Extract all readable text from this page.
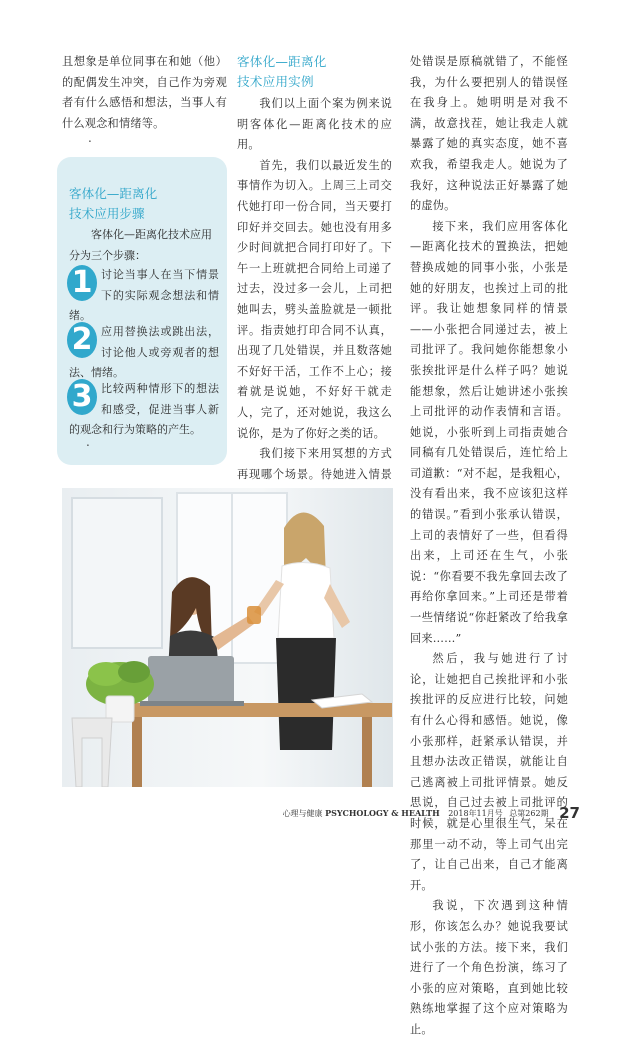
且想象是单位同事在和她（他）的配偶发生冲突，自己作为旁观者有什么感悟和想法，当事人有什么观念和情绪等。

.
客体化—距离化
技术应用步骤
客体化—距离化技术应用分为三个步骤：
1 讨论当事人在当下情景下的实际观念想法和情绪。

2 应用替换法或跳出法，讨论他人或旁观者的想法、情绪。

3 比较两种情形下的想法和感受，促进当事人新的观念和行为策略的产生。

.
客体化—距离化
技术应用实例

我们以上面个案为例来说明客体化—距离化技术的应用。

首先，我们以最近发生的事情作为切入。上周三上司交代她打印一份合同，当天要打印好并交回去。她也没有用多少时间就把合同打印好了。下午一上班就把合同给上司递了过去，没过多一会儿，上司把她叫去，劈头盖脸就是一顿批评。指责她打印合同不认真，出现了几处错误，并且数落她不好好干活，工作不上心；接着就是说她，不好好干就走人，完了，还对她说，我这么说你，是为了你好之类的话。

我们接下来用冥想的方式再现哪个场景。待她进入情景

处错误是原稿就错了，不能怪我，为什么要把别人的错误怪在我身上。她明明是对我不满，故意找茬，她让我走人就暴露了她的真实态度，她不喜欢我，希望我走人。她说为了我好，这种说法正好暴露了她的虚伪。

接下来，我们应用客体化—距离化技术的置换法，把她替换成她的同事小张，小张是她的好朋友，也挨过上司的批评。我让她想象同样的情景——小张把合同递过去，被上司批评了。我问她你能想象小张挨批评是什么样子吗？她说能想象，然后让她讲述小张挨上司批评的动作表情和言语。她说，小张听到上司指责她合同稿有几处错误后，连忙给上司道歉：“对不起，是我粗心，没有看出来，我不应该犯这样的错误。”看到小张承认错误，上司的表情好了一些，但看得出来，上司还在生气，小张说：“你看要不我先拿回去改了再给你拿回来。”上司还是带着一些情绪说“你赶紧改了给我拿回来……”

然后，我与她进行了讨论，让她把自己挨批评和小张挨批评的反应进行比较，问她有什么心得和感悟。她说，像小张那样，赶紧承认错误，并且想办法改正错误，就能让自己逃离被上司批评情景。她反思说，自己过去被上司批评的时候，就是心里很生气，呆在那里一动不动，等上司气出完了，让自己出来，自己才能离开。

我说，下次遇到这种情形，你该怎么办？她说我要试试小张的方法。接下来，我们进行了一个角色扮演，练习了小张的应对策略，直到她比较熟练地掌握了这个应对策略为止。

心理与健康 PSYCHOLOGY & HEALTH 2018年11月号 总第262期 27
